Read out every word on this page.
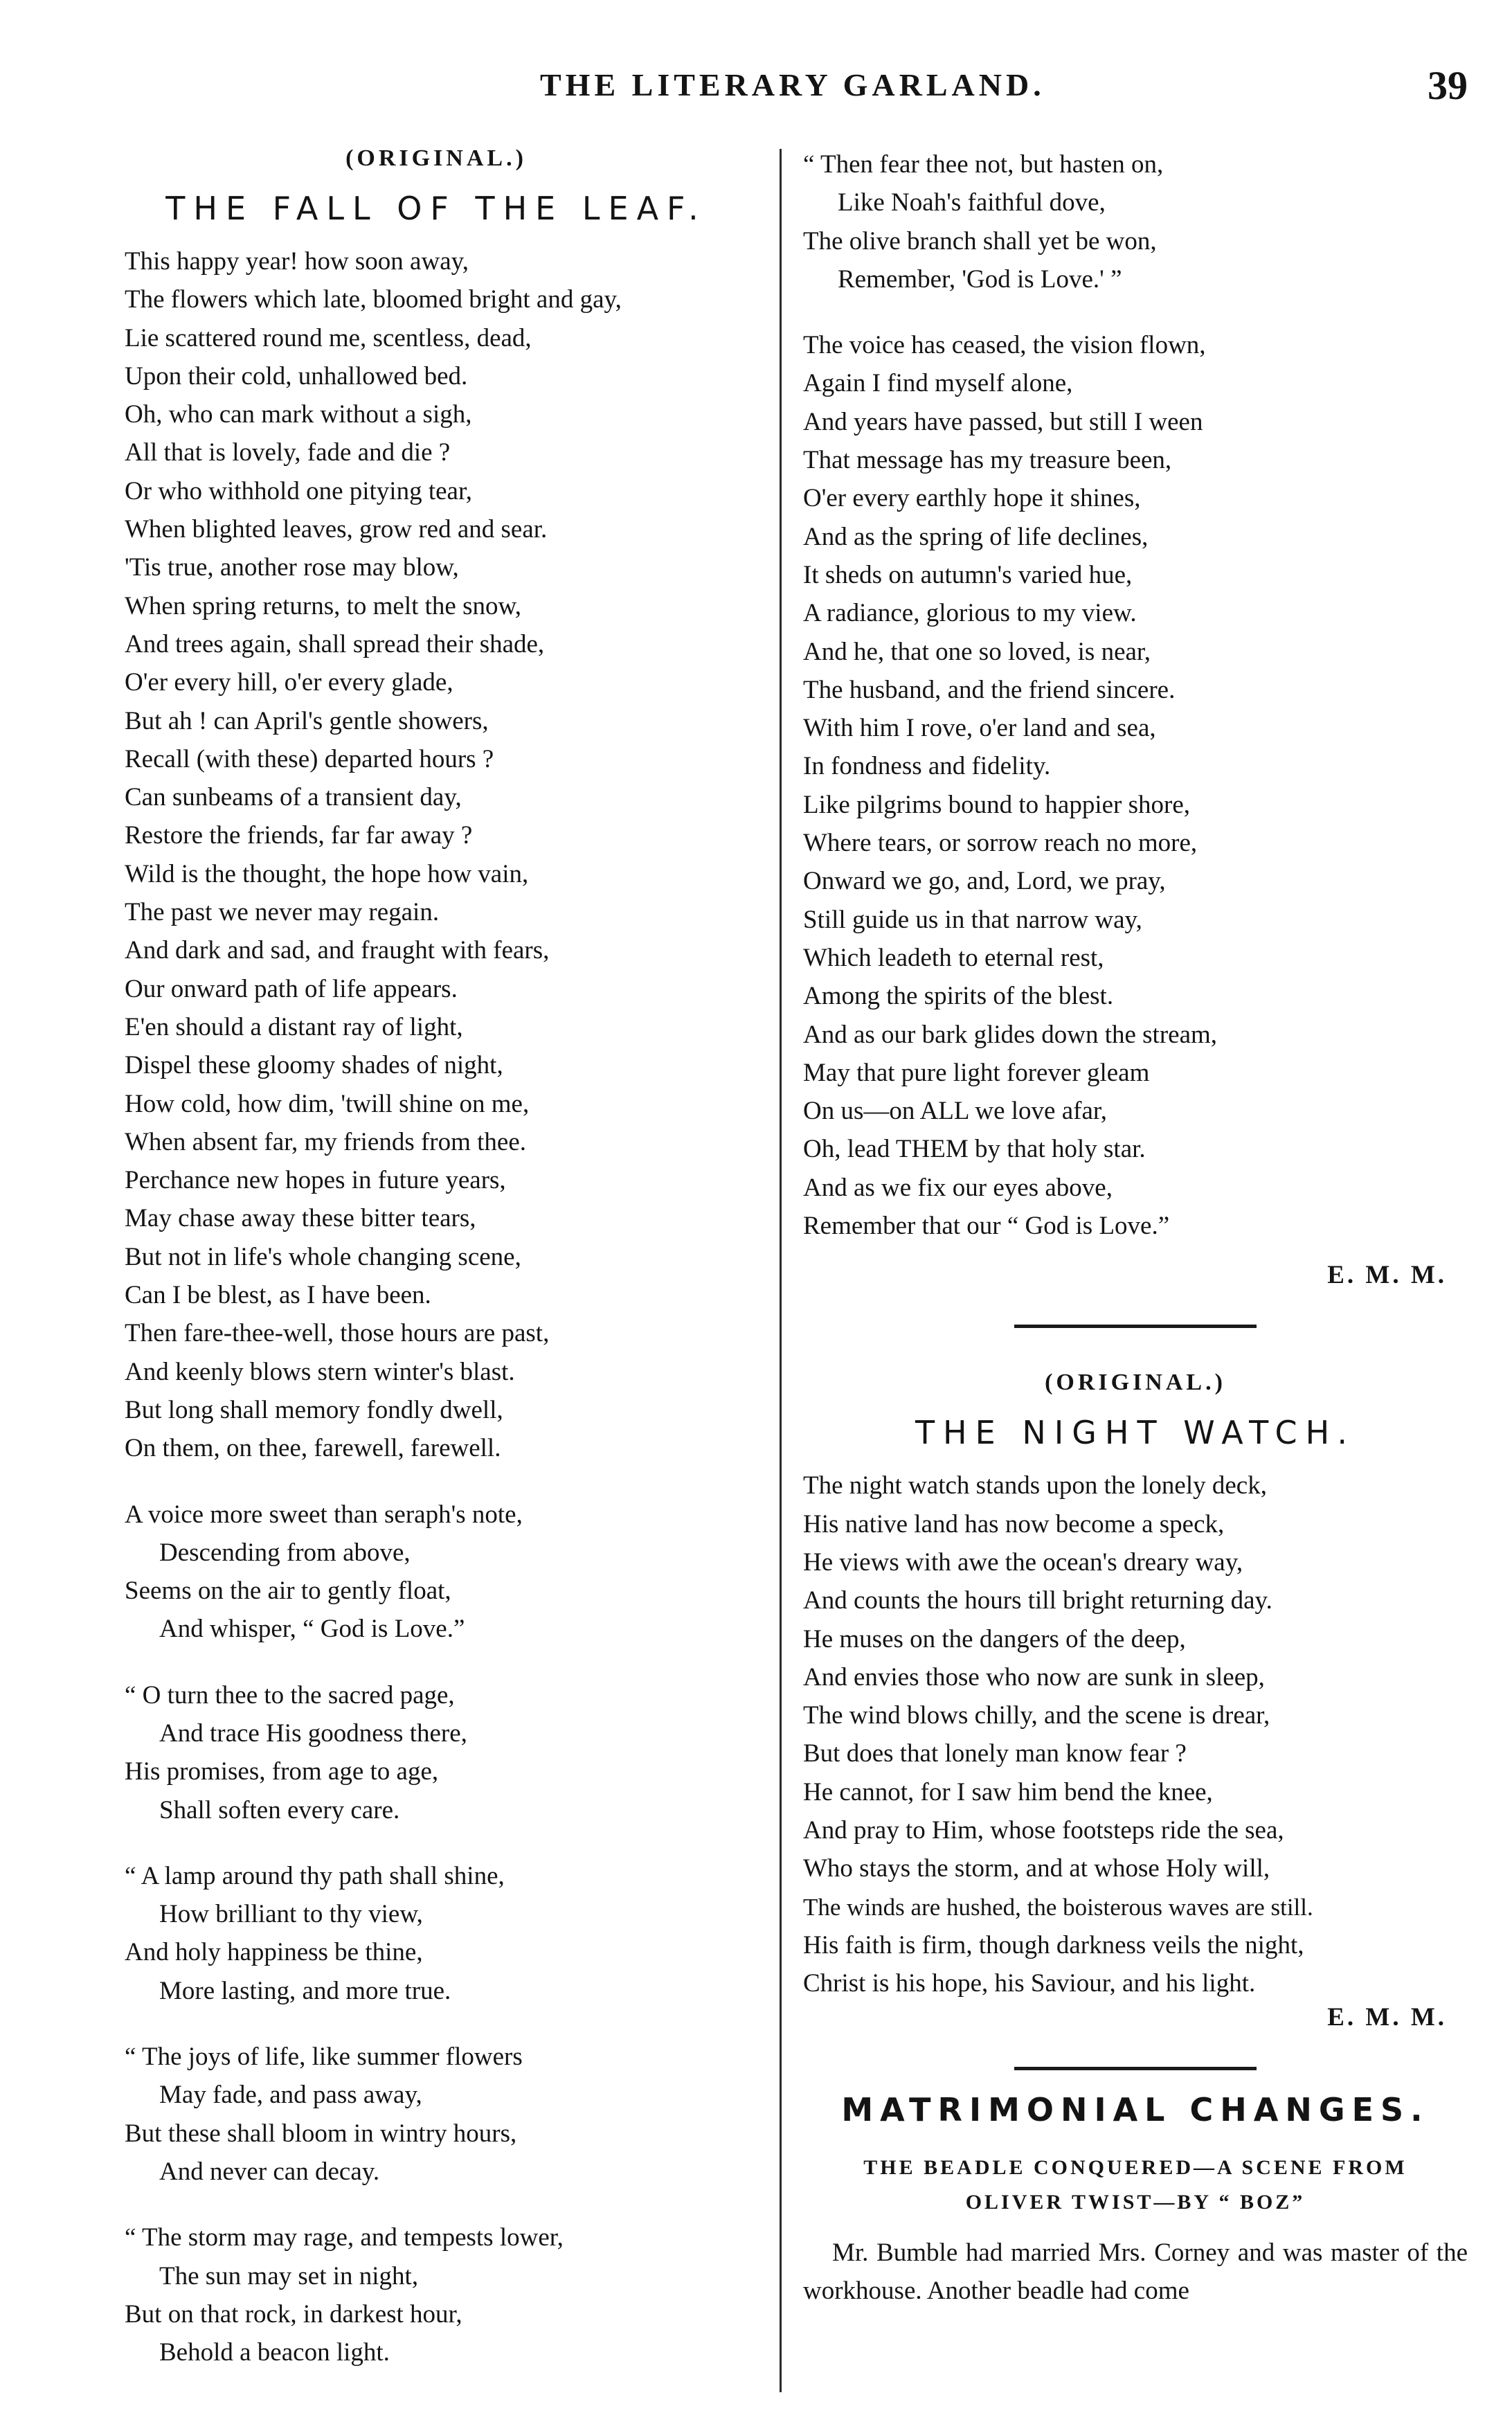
THE LITERARY GARLAND.	39
(ORIGINAL.)
THE FALL OF THE LEAF.
This happy year! how soon away,
The flowers which late, bloomed bright and gay,
Lie scattered round me, scentless, dead,
Upon their cold, unhallowed bed.
Oh, who can mark without a sigh,
All that is lovely, fade and die ?
Or who withhold one pitying tear,
When blighted leaves, grow red and sear.
'Tis true, another rose may blow,
When spring returns, to melt the snow,
And trees again, shall spread their shade,
O'er every hill, o'er every glade,
But ah ! can April's gentle showers,
Recall (with these) departed hours ?
Can sunbeams of a transient day,
Restore the friends, far far away ?
Wild is the thought, the hope how vain,
The past we never may regain.
And dark and sad, and fraught with fears,
Our onward path of life appears.
E'en should a distant ray of light,
Dispel these gloomy shades of night,
How cold, how dim, 'twill shine on me,
When absent far, my friends from thee.
Perchance new hopes in future years,
May chase away these bitter tears,
But not in life's whole changing scene,
Can I be blest, as I have been.
Then fare-thee-well, those hours are past,
And keenly blows stern winter's blast.
But long shall memory fondly dwell,
On them, on thee, farewell, farewell.
A voice more sweet than seraph's note,
Descending from above,
Seems on the air to gently float,
And whisper, “ God is Love.”
“ O turn thee to the sacred page,
And trace His goodness there,
His promises, from age to age,
Shall soften every care.
“ A lamp around thy path shall shine,
How brilliant to thy view,
And holy happiness be thine,
More lasting, and more true.
“ The joys of life, like summer flowers
May fade, and pass away,
But these shall bloom in wintry hours,
And never can decay.
“ The storm may rage, and tempests lower,
The sun may set in night,
But on that rock, in darkest hour,
Behold a beacon light.
“ Then fear thee not, but hasten on,
Like Noah's faithful dove,
The olive branch shall yet be won,
Remember, 'God is Love.' ”
The voice has ceased, the vision flown,
Again I find myself alone,
And years have passed, but still I ween
That message has my treasure been,
O'er every earthly hope it shines,
And as the spring of life declines,
It sheds on autumn's varied hue,
A radiance, glorious to my view.
And he, that one so loved, is near,
The husband, and the friend sincere.
With him I rove, o'er land and sea,
In fondness and fidelity.
Like pilgrims bound to happier shore,
Where tears, or sorrow reach no more,
Onward we go, and, Lord, we pray,
Still guide us in that narrow way,
Which leadeth to eternal rest,
Among the spirits of the blest.
And as our bark glides down the stream,
May that pure light forever gleam
On us—on ALL we love afar,
Oh, lead THEM by that holy star.
And as we fix our eyes above,
Remember that our “ God is Love.”
E. M. M.
(ORIGINAL.)
THE NIGHT WATCH.
The night watch stands upon the lonely deck,
His native land has now become a speck,
He views with awe the ocean's dreary way,
And counts the hours till bright returning day.
He muses on the dangers of the deep,
And envies those who now are sunk in sleep,
The wind blows chilly, and the scene is drear,
But does that lonely man know fear ?
He cannot, for I saw him bend the knee,
And pray to Him, whose footsteps ride the sea,
Who stays the storm, and at whose Holy will,
The winds are hushed, the boisterous waves are still.
His faith is firm, though darkness veils the night,
Christ is his hope, his Saviour, and his light.
E. M. M.
MATRIMONIAL CHANGES.
THE BEADLE CONQUERED—A SCENE FROM
OLIVER TWIST—BY “ BOZ”
Mr. Bumble had married Mrs. Corney and was master of the workhouse. Another beadle had come
